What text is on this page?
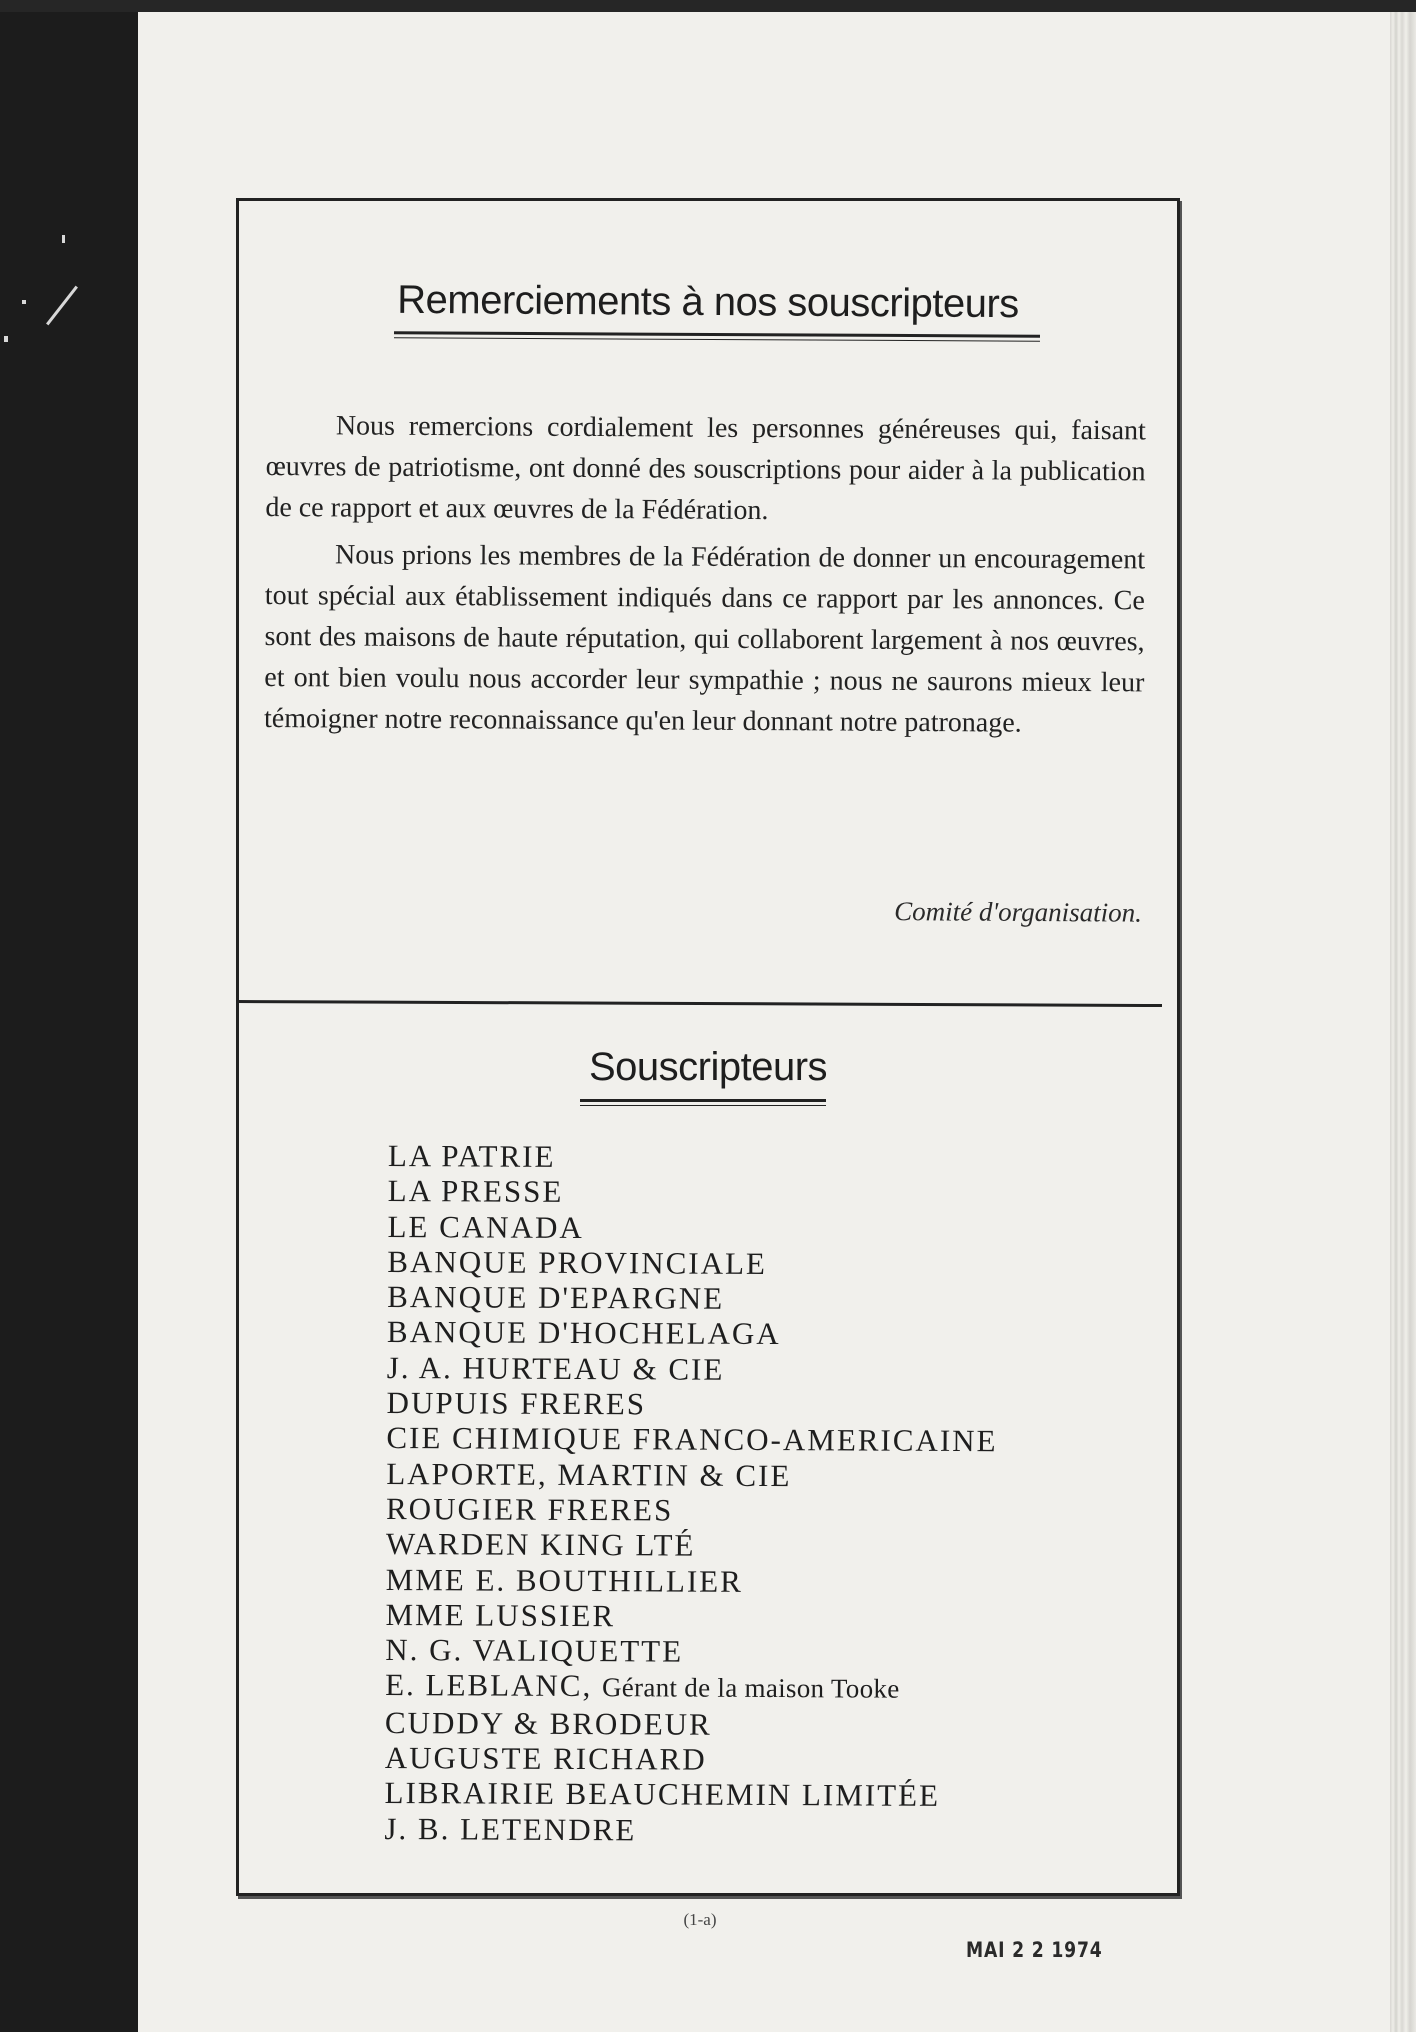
Remerciements à nos souscripteurs

Nous remercions cordialement les personnes généreuses qui, faisant œuvres de patriotisme, ont donné des souscriptions pour aider à la publication de ce rapport et aux œuvres de la Fédération.

Nous prions les membres de la Fédération de donner un encouragement tout spécial aux établissement indiqués dans ce rapport par les annonces. Ce sont des maisons de haute réputation, qui collaborent largement à nos œuvres, et ont bien voulu nous accorder leur sympathie ; nous ne saurons mieux leur témoigner notre reconnaissance qu'en leur donnant notre patronage.

Comité d'organisation.
Souscripteurs
LA PATRIE
LA PRESSE
LE CANADA
BANQUE PROVINCIALE
BANQUE D'EPARGNE
BANQUE D'HOCHELAGA
J. A. HURTEAU & CIE
DUPUIS FRERES
CIE CHIMIQUE FRANCO-AMERICAINE
LAPORTE, MARTIN & CIE
ROUGIER FRERES
WARDEN KING LTÉ
MME E. BOUTHILLIER
MME LUSSIER
N. G. VALIQUETTE
E. LEBLANC, Gérant de la maison Tooke
CUDDY & BRODEUR
AUGUSTE RICHARD
LIBRAIRIE BEAUCHEMIN LIMITÉE
J. B. LETENDRE
(1-a)
MAI 2 2 1974
